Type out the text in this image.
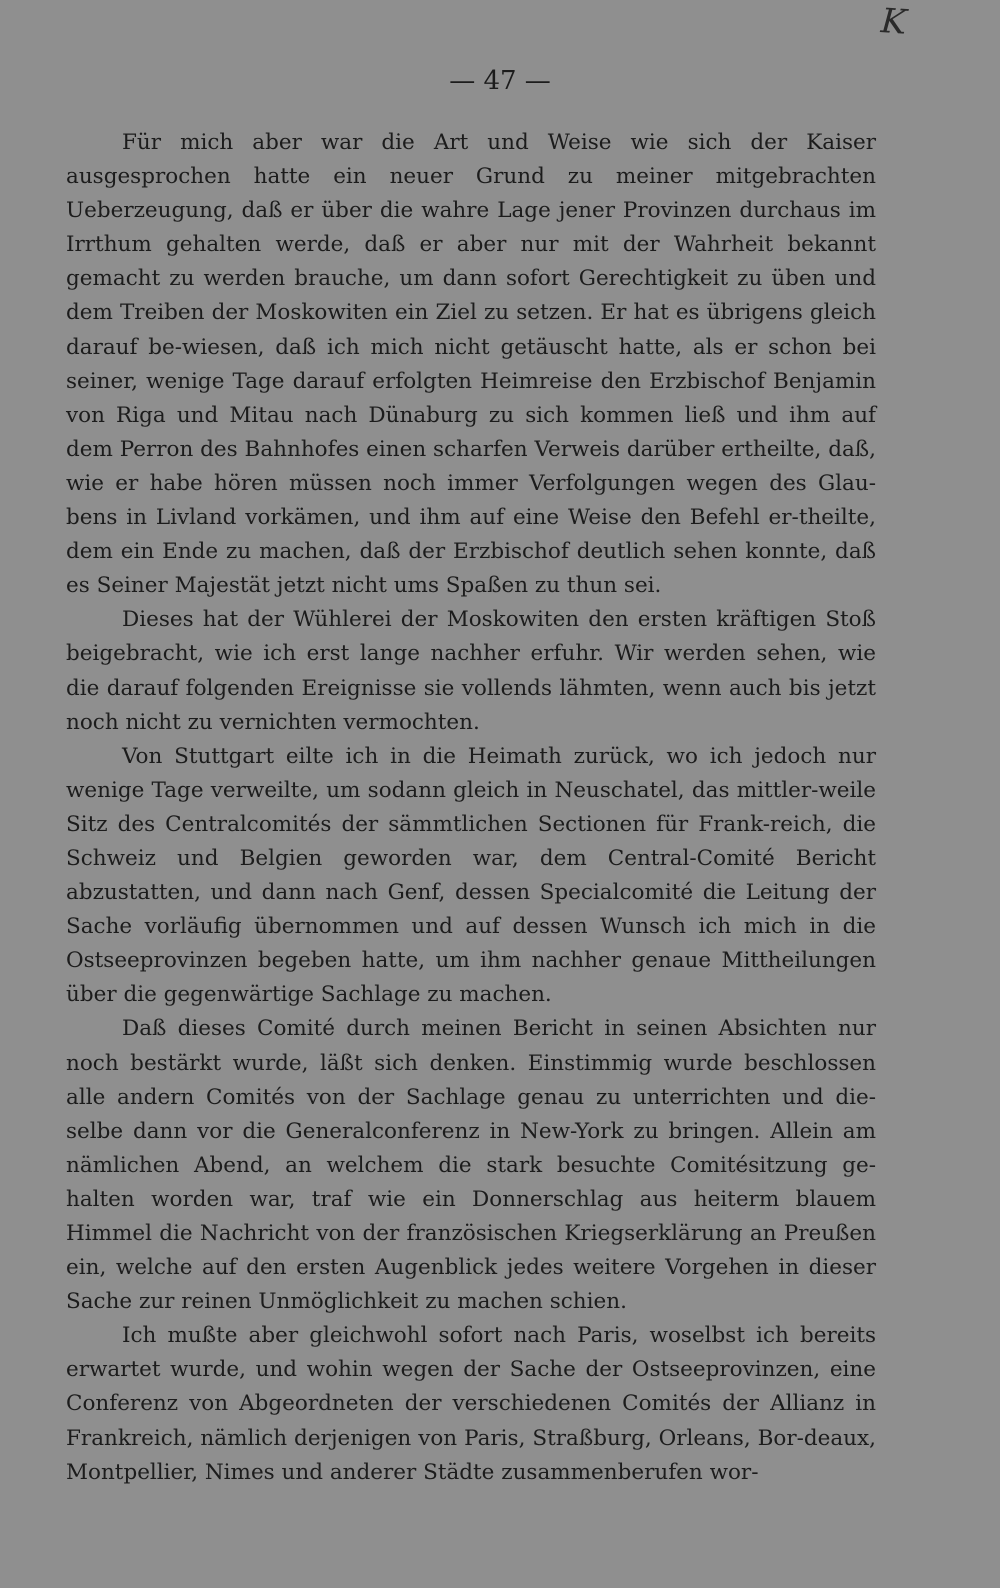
K
— 47 —

Für mich aber war die Art und Weise wie sich der Kaiser ausgesprochen hatte ein neuer Grund zu meiner mitgebrachten Ueberzeugung, daß er über die wahre Lage jener Provinzen durchaus im Irrthum gehalten werde, daß er aber nur mit der Wahrheit bekannt gemacht zu werden brauche, um dann sofort Gerechtigkeit zu üben und dem Treiben der Moskowiten ein Ziel zu setzen. Er hat es übrigens gleich darauf be-wiesen, daß ich mich nicht getäuscht hatte, als er schon bei seiner, wenige Tage darauf erfolgten Heimreise den Erzbischof Benjamin von Riga und Mitau nach Dünaburg zu sich kommen ließ und ihm auf dem Perron des Bahnhofes einen scharfen Verweis darüber ertheilte, daß, wie er habe hören müssen noch immer Verfolgungen wegen des Glau-bens in Livland vorkämen, und ihm auf eine Weise den Befehl er-theilte, dem ein Ende zu machen, daß der Erzbischof deutlich sehen konnte, daß es Seiner Majestät jetzt nicht ums Spaßen zu thun sei.

Dieses hat der Wühlerei der Moskowiten den ersten kräftigen Stoß beigebracht, wie ich erst lange nachher erfuhr. Wir werden sehen, wie die darauf folgenden Ereignisse sie vollends lähmten, wenn auch bis jetzt noch nicht zu vernichten vermochten.

Von Stuttgart eilte ich in die Heimath zurück, wo ich jedoch nur wenige Tage verweilte, um sodann gleich in Neuschatel, das mittler-weile Sitz des Centralcomités der sämmtlichen Sectionen für Frank-reich, die Schweiz und Belgien geworden war, dem Central-Comité Bericht abzustatten, und dann nach Genf, dessen Specialcomité die Leitung der Sache vorläufig übernommen und auf dessen Wunsch ich mich in die Ostseeprovinzen begeben hatte, um ihm nachher genaue Mittheilungen über die gegenwärtige Sachlage zu machen.

Daß dieses Comité durch meinen Bericht in seinen Absichten nur noch bestärkt wurde, läßt sich denken. Einstimmig wurde beschlossen alle andern Comités von der Sachlage genau zu unterrichten und die-selbe dann vor die Generalconferenz in New-York zu bringen. Allein am nämlichen Abend, an welchem die stark besuchte Comitésitzung ge-halten worden war, traf wie ein Donnerschlag aus heiterm blauem Himmel die Nachricht von der französischen Kriegserklärung an Preußen ein, welche auf den ersten Augenblick jedes weitere Vorgehen in dieser Sache zur reinen Unmöglichkeit zu machen schien.

Ich mußte aber gleichwohl sofort nach Paris, woselbst ich bereits erwartet wurde, und wohin wegen der Sache der Ostseeprovinzen, eine Conferenz von Abgeordneten der verschiedenen Comités der Allianz in Frankreich, nämlich derjenigen von Paris, Straßburg, Orleans, Bor-deaux, Montpellier, Nimes und anderer Städte zusammenberufen wor-
